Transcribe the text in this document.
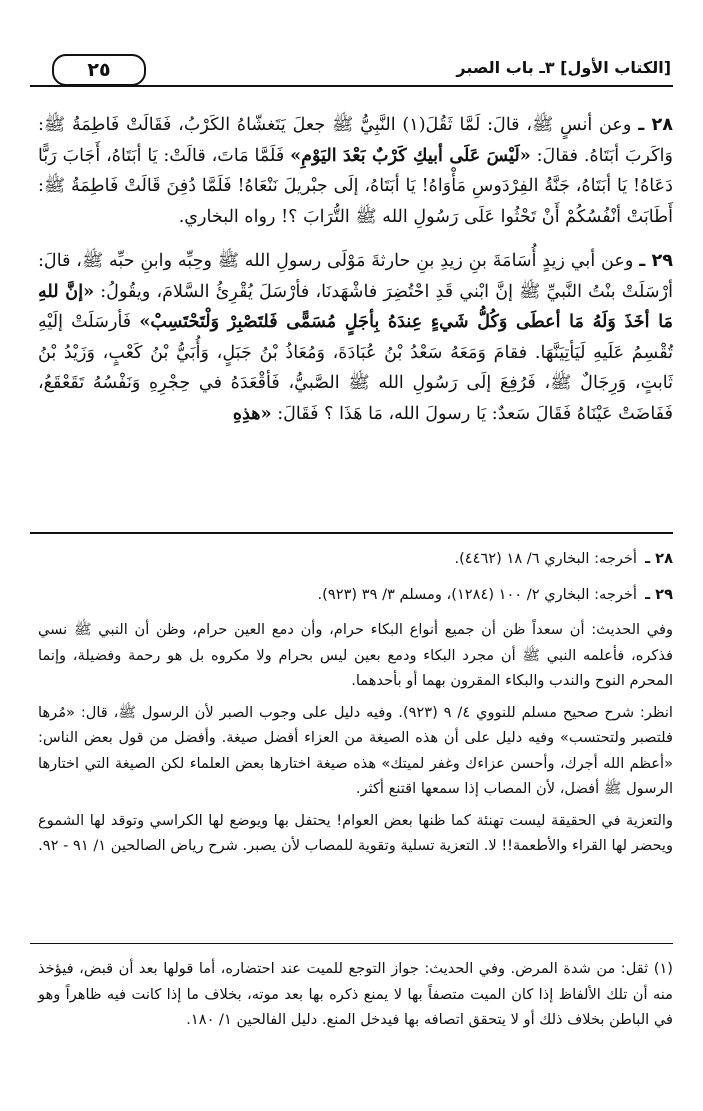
[الكتاب الأول] ٣ـ باب الصبر
٢٥

٢٨ ـ وعن أنسٍ ﷺ، قالَ: لَمَّا ثَقُلَ(١) النَّبِيُّ ﷺ جعلَ يَتَغشّاهُ الكَرْبُ، فَقَالَتْ فَاطِمَةُ ﷺ: وَاكَربَ أبَتَاهُ. فقالَ: «لَيْسَ عَلَى أبيكِ كَرْبٌ بَعْدَ اليَوْمِ» فَلَمَّا مَاتَ، قالَتْ: يَا أبَتَاهُ، أَجَابَ رَبًّا دَعَاهُ! يَا أبَتَاهُ، جَنَّةُ الفِرْدَوسِ مَأْوَاهُ! يَا أبَتَاهُ، إلَى جبْريلَ نَنْعَاهُ! فَلَمَّا دُفِنَ قَالَتْ فَاطِمَةُ ﷺ: أَطَابَتْ أنْفُسُكُمْ أَنْ تَحْثُوا عَلَى رَسُولِ الله ﷺ التُّرَابَ ؟! رواه البخاري.

٢٩ ـ وعن أبي زيدٍ أُسَامَةَ بنِ زيدِ بنِ حارثةَ مَوْلَى رسولِ الله ﷺ وحِبِّه وابنِ حبِّه ﷺ، قالَ: أرْسَلَتْ بنْتُ النَّبيِّ ﷺ إنَّ ابْني قَدِ احْتُضِرَ فاشْهَدنَا، فأرْسَلَ يُقْرِئُ السَّلامَ، ويقُولُ: «إنَّ للهِ مَا أخَذَ وَلَهُ مَا أعطَى وَكُلُّ شَيءٍ عِندَهُ بِأجَلٍ مُسَمًّى فَلتَصْبِرْ وَلْتَحْتَسِبْ» فَأرسَلَتْ إلَيْهِ تُقْسِمُ عَلَيهِ لَيَأتِيَنَّهَا. فقامَ وَمَعَهُ سَعْدُ بْنُ عُبَادَةَ، وَمُعَاذُ بْنُ جَبَلٍ، وَأُبَيُّ بْنُ كَعْبٍ، وَزَيْدُ بْنُ ثَابتٍ، وَرِجَالٌ ﷺ، فَرُفِعَ إلَى رَسُولِ الله ﷺ الصَّبيُّ، فَأقْعَدَهُ في حِجْرِهِ وَنَفْسُهُ تَقَعْقَعُ، فَفَاضَتْ عَيْنَاهُ فَقَالَ سَعدٌ: يَا رسولَ الله، مَا هَذَا ؟ فَقَالَ: «هذِهِ

٢٨ ـأخرجه: البخاري ٦/ ١٨ (٤٤٦٢).

٢٩ ـأخرجه: البخاري ٢/ ١٠٠ (١٢٨٤)، ومسلم ٣/ ٣٩ (٩٢٣).

وفي الحديث: أن سعداً ظن أن جميع أنواع البكاء حرام، وأن دمع العين حرام، وظن أن النبي ﷺ نسي فذكره، فأعلمه النبي ﷺ أن مجرد البكاء ودمع بعين ليس بحرام ولا مكروه بل هو رحمة وفضيلة، وإنما المحرم النوح والندب والبكاء المقرون بهما أو بأحدهما.

انظر: شرح صحيح مسلم للنووي ٤/ ٩ (٩٢٣). وفيه دليل على وجوب الصبر لأن الرسول ﷺ، قال: «مُرها فلتصبر ولتحتسب» وفيه دليل على أن هذه الصيغة من العزاء أفضل صيغة. وأفضل من قول بعض الناس: «أعظم الله أجرك، وأحسن عزاءك وغفر لميتك» هذه صيغة اختارها بعض العلماء لكن الصيغة التي اختارها الرسول ﷺ أفضل، لأن المصاب إذا سمعها اقتنع أكثر.

والتعزية في الحقيقة ليست تهنئة كما ظنها بعض العوام! يحتفل بها ويوضع لها الكراسي وتوقد لها الشموع ويحضر لها القراء والأطعمة!! لا. التعزية تسلية وتقوية للمصاب لأن يصبر. شرح رياض الصالحين ١/ ٩١ - ٩٢.

(١) ثقل: من شدة المرض. وفي الحديث: جواز التوجع للميت عند احتضاره، أما قولها بعد أن قبض، فيؤخذ منه أن تلك الألفاظ إذا كان الميت متصفاً بها لا يمنع ذكره بها بعد موته، بخلاف ما إذا كانت فيه ظاهراً وهو في الباطن بخلاف ذلك أو لا يتحقق اتصافه بها فيدخل المنع. دليل الفالحين ١/ ١٨٠.
